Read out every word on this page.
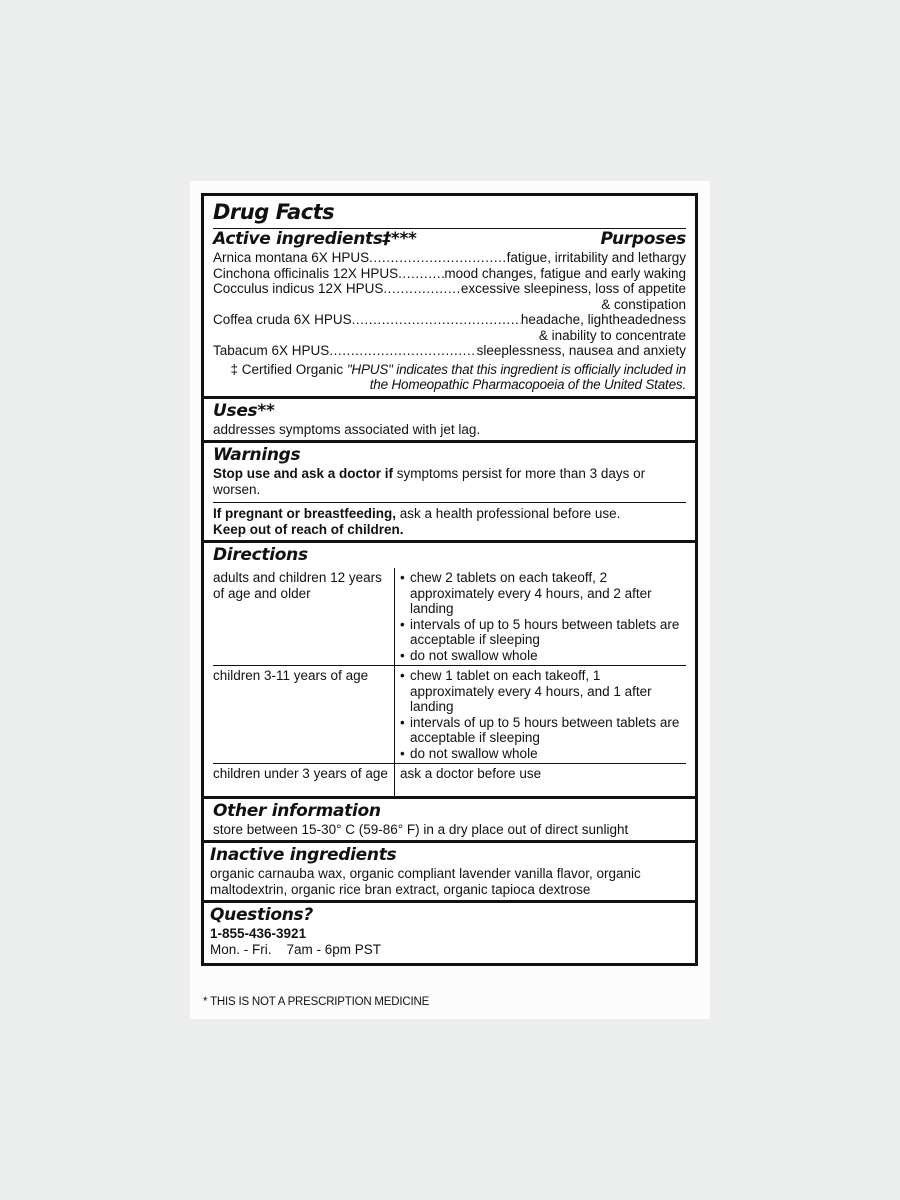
Drug Facts
Active ingredients‡***	Purposes
Arnica montana 6X HPUS . . .	fatigue, irritability and lethargy
Cinchona officinalis 12X HPUS . . .	mood changes, fatigue and early waking
Cocculus indicus 12X HPUS . . .	excessive sleepiness, loss of appetite
& constipation
Coffea cruda 6X HPUS . . .	headache, lightheadedness
& inability to concentrate
Tabacum 6X HPUS . . .	sleeplessness, nausea and anxiety
‡ Certified Organic "HPUS" indicates that this ingredient is officially included in
the Homeopathic Pharmacopoeia of the United States.
Uses**
addresses symptoms associated with jet lag.
Warnings
Stop use and ask a doctor if symptoms persist for more than 3 days or worsen.
If pregnant or breastfeeding, ask a health professional before use.
Keep out of reach of children.
Directions
adults and children 12 years of age and older	• chew 2 tablets on each takeoff, 2 approximately every 4 hours, and 2 after landing
• intervals of up to 5 hours between tablets are acceptable if sleeping
• do not swallow whole

children 3-11 years of age	• chew 1 tablet on each takeoff, 1 approximately every 4 hours, and 1 after landing
• intervals of up to 5 hours between tablets are acceptable if sleeping
• do not swallow whole

children under 3 years of age	ask a doctor before use
Other information
store between 15-30° C (59-86° F) in a dry place out of direct sunlight
Inactive ingredients
organic carnauba wax, organic compliant lavender vanilla flavor, organic maltodextrin, organic rice bran extract, organic tapioca dextrose
Questions?
1-855-436-3921
Mon. - Fri.    7am - 6pm PST
* THIS IS NOT A PRESCRIPTION MEDICINE
